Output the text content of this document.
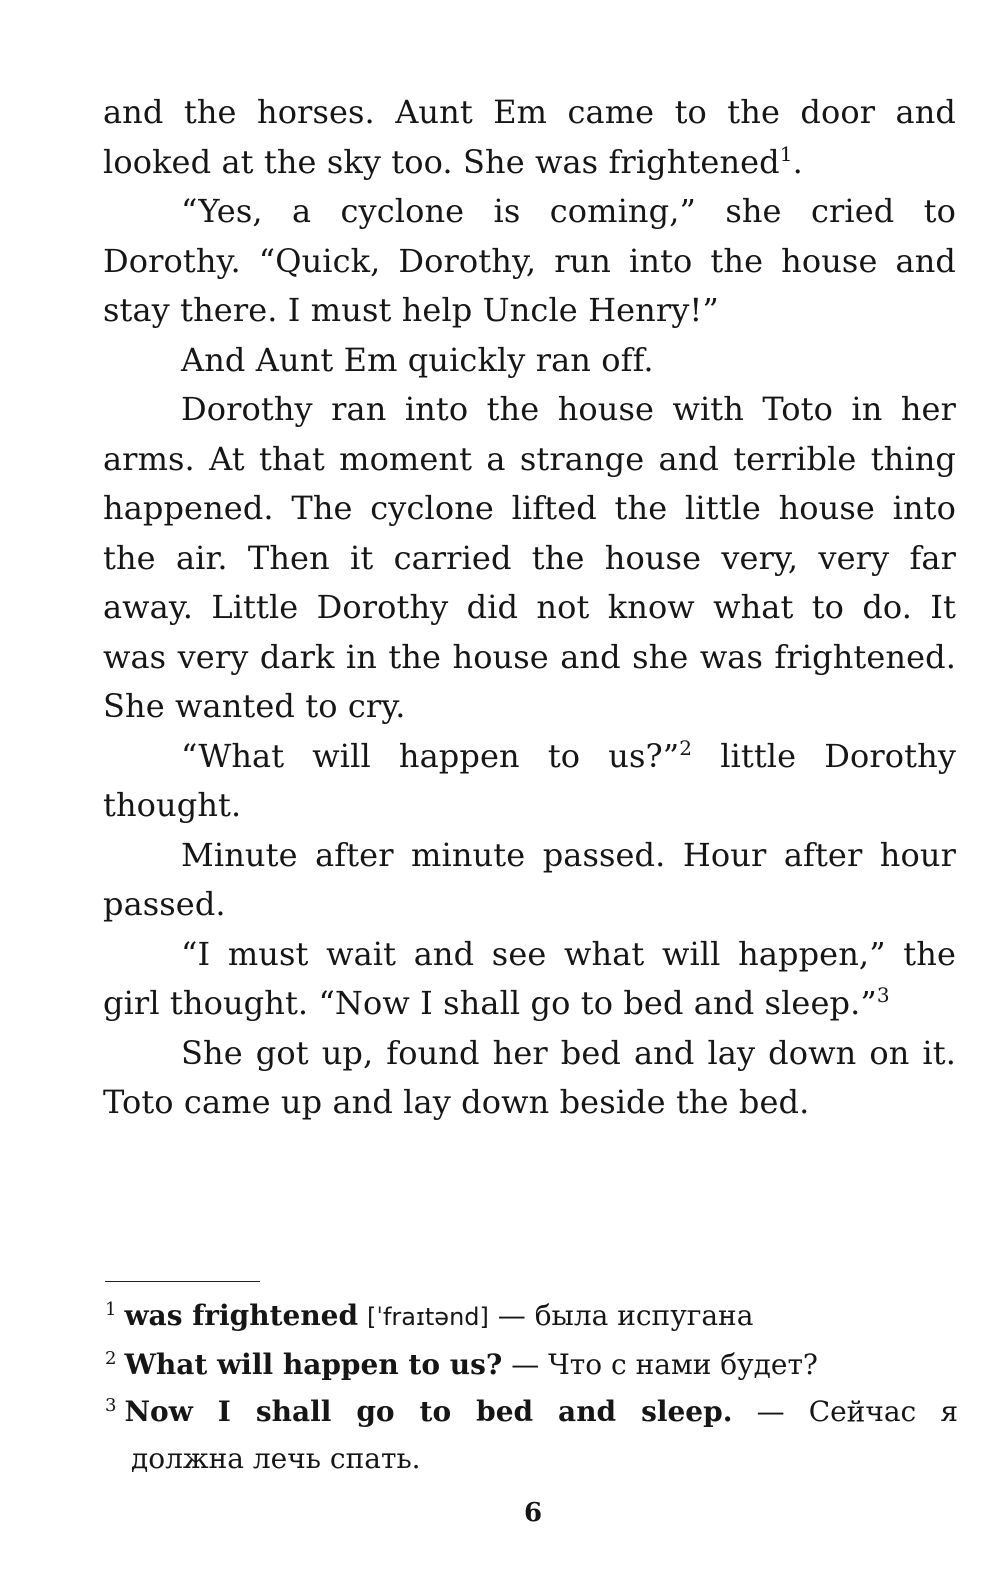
and the horses. Aunt Em came to the door and looked at the sky too. She was frightened$^1$.

“Yes, a cyclone is coming,” she cried to Dorothy. “Quick, Dorothy, run into the house and stay there. I must help Uncle Henry!”

And Aunt Em quickly ran off.

Dorothy ran into the house with Toto in her arms. At that moment a strange and terrible thing happened. The cyclone lifted the little house into the air. Then it carried the house very, very far away. Little Dorothy did not know what to do. It was very dark in the house and she was frightened. She wanted to cry.

“What will happen to us?”$^2$ little Dorothy thought.

Minute after minute passed. Hour after hour passed.

“I must wait and see what will happen,” the girl thought. “Now I shall go to bed and sleep.”$^3$

She got up, found her bed and lay down on it. Toto came up and lay down beside the bed.

$^1$ was frightened [ˈfraɪtənd] — была испугана
$^2$ What will happen to us? — Что с нами будет?
$^3$ Now I shall go to bed and sleep. — Сейчас я
должна лечь спать.
6
